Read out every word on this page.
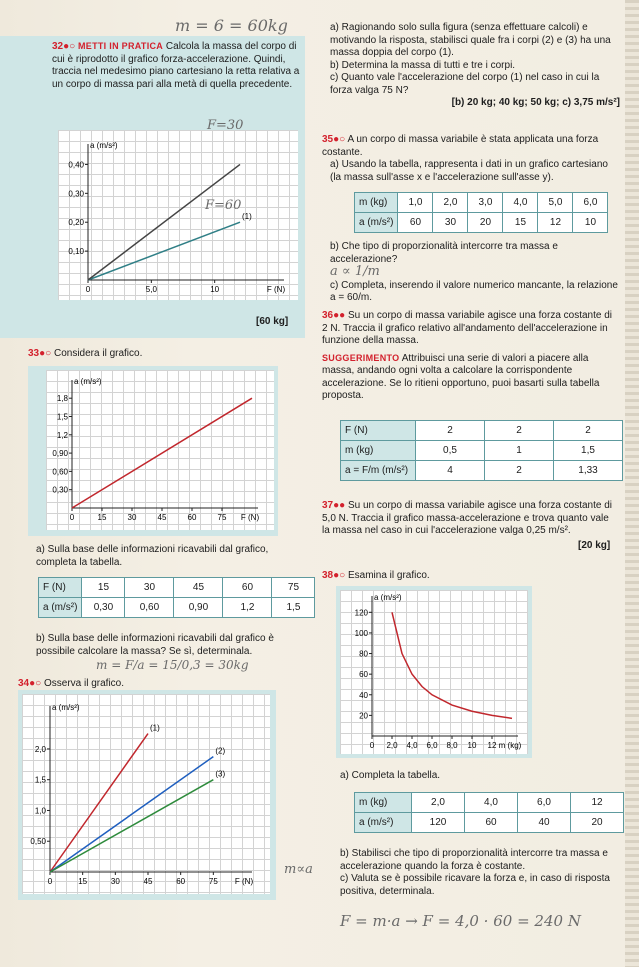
32●○ METTI IN PRATICA Calcola la massa del corpo di cui è riprodotto il grafico forza-accelerazione. Quindi, traccia nel medesimo piano cartesiano la retta relativa a un corpo di massa pari alla metà di quella precedente.

0	5,0	10
0,10
0,20
0,30
0,40
F (N)
a (m/s²)
(1)
[60 kg]
m = 6 = 60kg
F=30
F=60

33●○ Considera il grafico.

0	15	30	45	60	75
0,30
0,60
0,90
1,2
1,5
1,8
F (N)
a (m/s²)
a) Sulla base delle informazioni ricavabili dal grafico, completa la tabella.
F (N)	15	30	45	60	75
a (m/s²)	0,30	0,60	0,90	1,2	1,5
b) Sulla base delle informazioni ricavabili dal grafico è possibile calcolare la massa? Se sì, determinala.
m = F/a = 15/0,3 = 30kg

34●○ Osserva il grafico.

0	15	30	45	60	75
0,50
1,0
1,5
2,0
F (N)
a (m/s²)
(1)
(2)
(3)

a) Ragionando solo sulla figura (senza effettuare calcoli) e motivando la risposta, stabilisci quale fra i corpi (2) e (3) ha una massa doppia del corpo (1).

b) Determina la massa di tutti e tre i corpi.

c) Quanto vale l'accelerazione del corpo (1) nel caso in cui la forza valga 75 N?

[b) 20 kg; 40 kg; 50 kg; c) 3,75 m/s²]

35●○ A un corpo di massa variabile è stata applicata una forza costante.

a) Usando la tabella, rappresenta i dati in un grafico cartesiano (la massa sull'asse x e l'accelerazione sull'asse y).

m (kg)	1,0	2,0	3,0	4,0	5,0	6,0
a (m/s²)	60	30	20	15	12	10

b) Che tipo di proporzionalità intercorre tra massa e accelerazione?

a ∝ 1/m

c) Completa, inserendo il valore numerico mancante, la relazione a = 60/m.

36●● Su un corpo di massa variabile agisce una forza costante di 2 N. Traccia il grafico relativo all'andamento dell'accelerazione in funzione della massa.

SUGGERIMENTO Attribuisci una serie di valori a piacere alla massa, andando ogni volta a calcolare la corrispondente accelerazione. Se lo ritieni opportuno, puoi basarti sulla tabella proposta.

F (N)	2	2	2
m (kg)	0,5	1	1,5
a = F/m (m/s²)	4	2	1,33

37●● Su un corpo di massa variabile agisce una forza costante di 5,0 N. Traccia il grafico massa-accelerazione e trova quanto vale la massa nel caso in cui l'accelerazione valga 0,25 m/s².

[20 kg]

38●○ Esamina il grafico.

0 2,0 4,0 6,0 8,0 10 12
20
40
60
80
100
120
m (kg)
a (m/s²)
a) Completa la tabella.
m (kg)	2,0	4,0	6,0	12
a (m/s²)	120	60	40	20

b) Stabilisci che tipo di proporzionalità intercorre tra massa e accelerazione quando la forza è costante.

c) Valuta se è possibile ricavare la forza e, in caso di risposta positiva, determinala.

m∝a
F = m·a → F = 4,0 · 60 = 240 N
